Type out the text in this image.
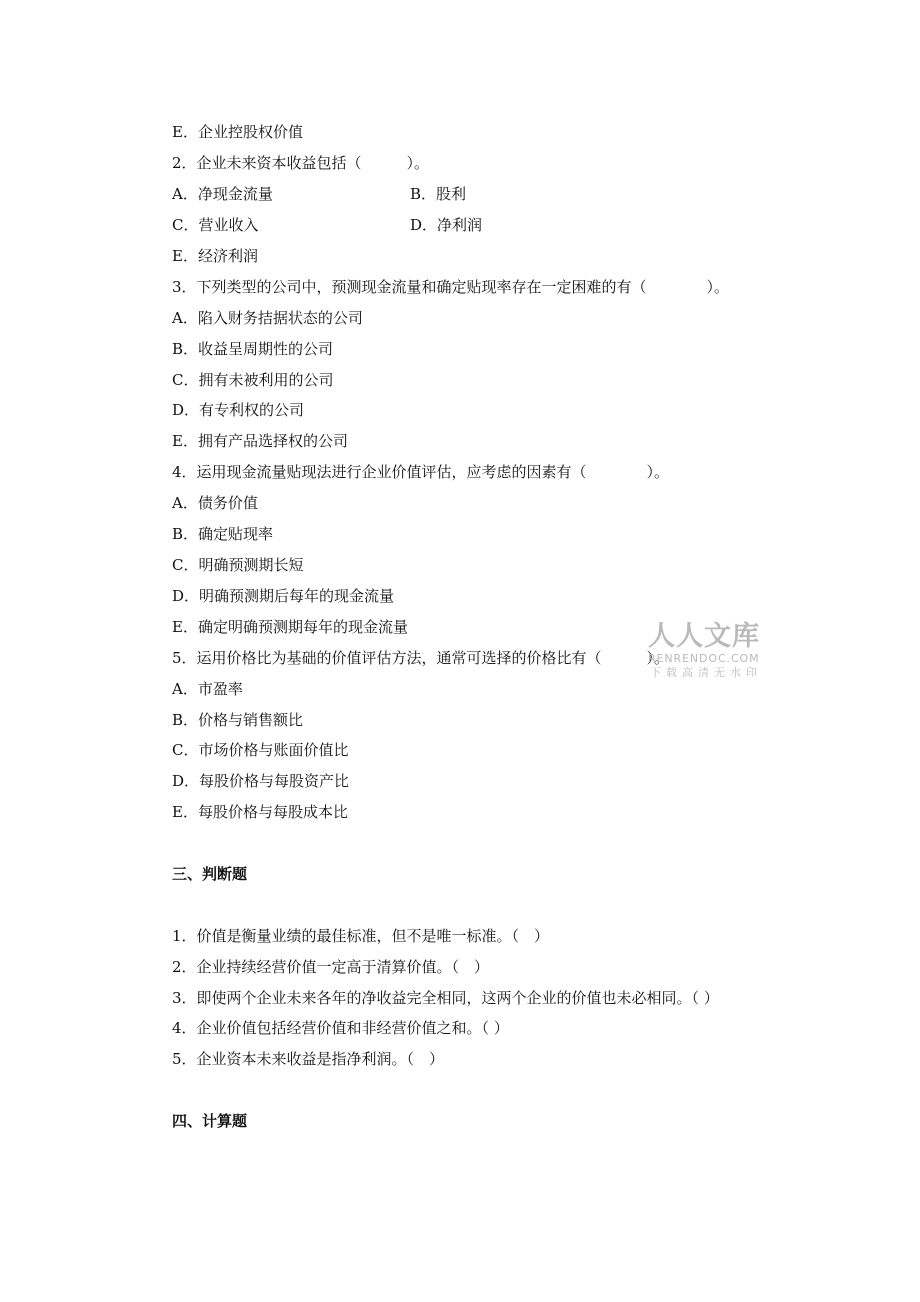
E．企业控股权价值
2．企业未来资本收益包括（　　　）。
A．净现金流量	B．股利
C．营业收入	D．净利润
E．经济利润
3．下列类型的公司中，预测现金流量和确定贴现率存在一定困难的有（　　　　）。
A．陷入财务拮据状态的公司
B．收益呈周期性的公司
C．拥有未被利用的公司
D．有专利权的公司
E．拥有产品选择权的公司
4．运用现金流量贴现法进行企业价值评估，应考虑的因素有（　　　　）。
A．债务价值
B．确定贴现率
C．明确预测期长短
D．明确预测期后每年的现金流量
E．确定明确预测期每年的现金流量
5．运用价格比为基础的价值评估方法，通常可选择的价格比有（　　　）。
A．市盈率
B．价格与销售额比
C．市场价格与账面价值比
D．每股价格与每股资产比
E．每股价格与每股成本比
三、判断题
1．价值是衡量业绩的最佳标准，但不是唯一标准。（　）
2．企业持续经营价值一定高于清算价值。（　）
3．即使两个企业未来各年的净收益完全相同，这两个企业的价值也未必相同。（ ）
4．企业价值包括经营价值和非经营价值之和。（ ）
5．企业资本未来收益是指净利润。（　）
四、计算题
人人文库
RENRENDOC.COM
下载高清无水印
